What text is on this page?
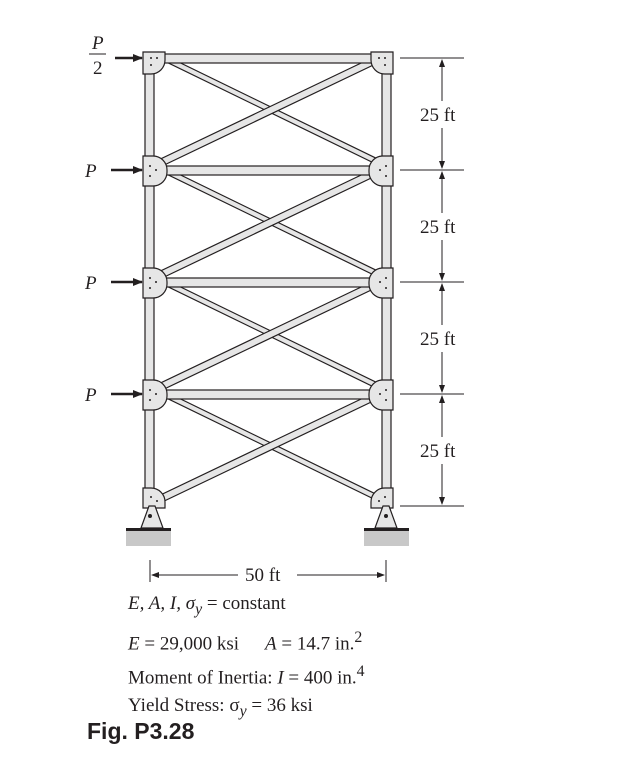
P
2
P
P
P
25 ft
25 ft
25 ft
25 ft
50 ft
E, A, I, $\sigma_y$ = constant
E = 29,000 ksi A = 14.7 in.$^2$
Moment of Inertia: I = 400 in.$^4$
Yield Stress: $\sigma_y = 36$ ksi
Fig. P3.28
